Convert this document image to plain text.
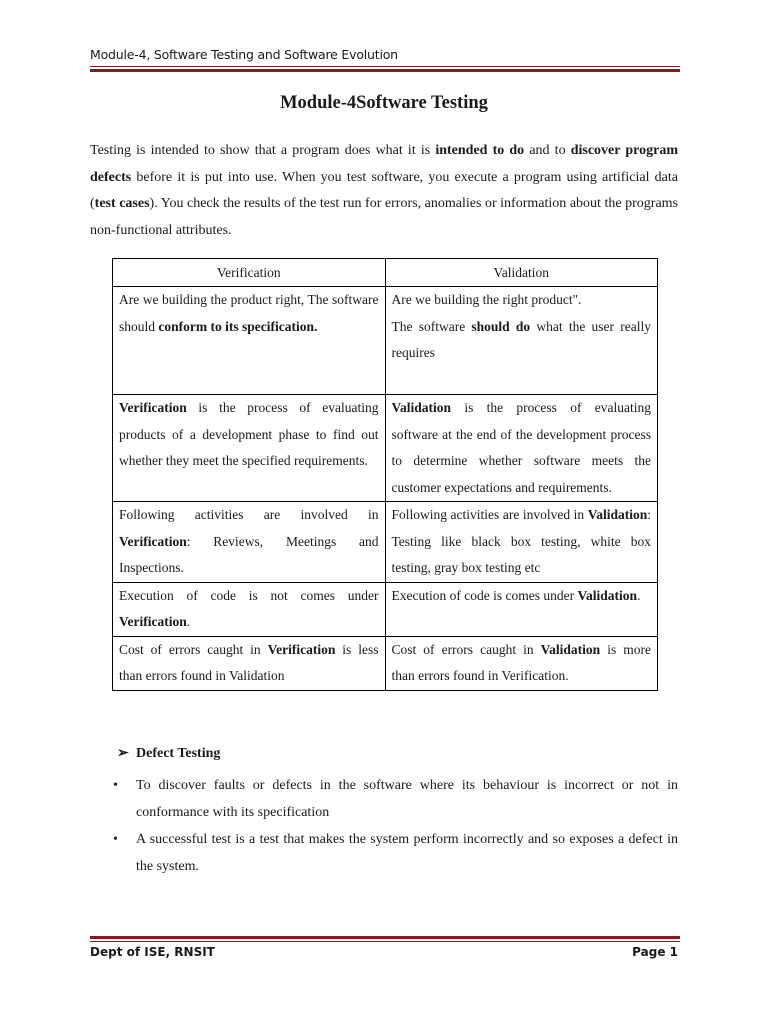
Module-4, Software Testing and Software Evolution
Module-4Software Testing
Testing is intended to show that a program does what it is intended to do and to discover program defects before it is put into use. When you test software, you execute a program using artificial data (test cases). You check the results of the test run for errors, anomalies or information about the programs non-functional attributes.
Verification	Validation
Are we building the product right, The software should conform to its specification.	Are we building the right product".
The software should do what the user really requires
Verification is the process of evaluating products of a development phase to find out whether they meet the specified requirements.	Validation is the process of evaluating software at the end of the development process to determine whether software meets the customer expectations and requirements.
Following activities are involved in Verification: Reviews, Meetings and Inspections.	Following activities are involved in Validation: Testing like black box testing, white box testing, gray box testing etc
Execution of code is not comes under Verification.	Execution of code is comes under Validation.
Cost of errors caught in Verification is less than errors found in Validation	Cost of errors caught in Validation is more than errors found in Verification.
➢ Defect Testing
•	To discover faults or defects in the software where its behaviour is incorrect or not in conformance with its specification
•	A successful test is a test that makes the system perform incorrectly and so exposes a defect in the system.
Dept of ISE, RNSIT	Page 1
